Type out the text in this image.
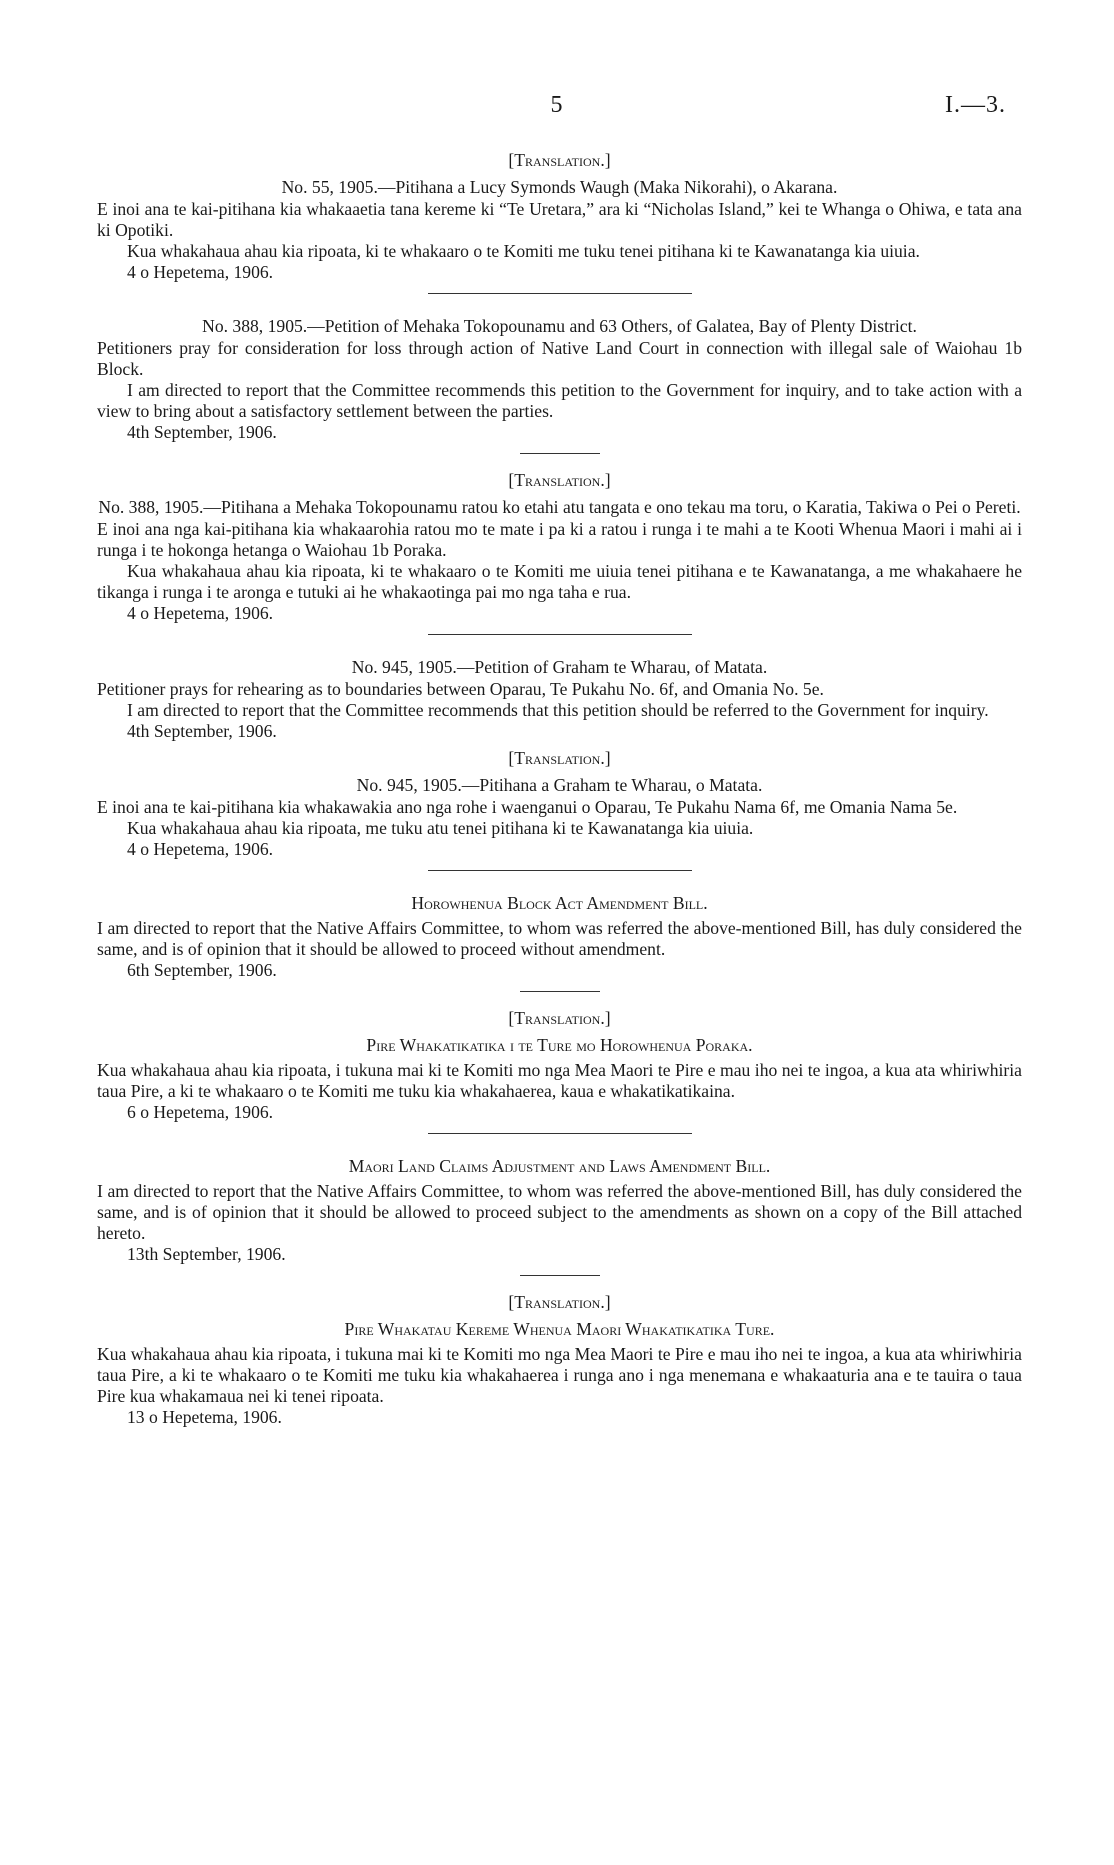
5	I.—3.
[Translation.]
No. 55, 1905.—Pitihana a Lucy Symonds Waugh (Maka Nikorahi), o Akarana.

E inoi ana te kai-pitihana kia whakaaetia tana kereme ki “Te Uretara,” ara ki “Nicholas Island,” kei te Whanga o Ohiwa, e tata ana ki Opotiki.

Kua whakahaua ahau kia ripoata, ki te whakaaro o te Komiti me tuku tenei pitihana ki te Kawanatanga kia uiuia.

4 o Hepetema, 1906.
No. 388, 1905.—Petition of Mehaka Tokopounamu and 63 Others, of Galatea, Bay of Plenty District.

Petitioners pray for consideration for loss through action of Native Land Court in connection with illegal sale of Waiohau 1b Block.

I am directed to report that the Committee recommends this petition to the Government for inquiry, and to take action with a view to bring about a satisfactory settlement between the parties.

4th September, 1906.
[Translation.]
No. 388, 1905.—Pitihana a Mehaka Tokopounamu ratou ko etahi atu tangata e ono tekau ma toru, o Karatia, Takiwa o Pei o Pereti.

E inoi ana nga kai-pitihana kia whakaarohia ratou mo te mate i pa ki a ratou i runga i te mahi a te Kooti Whenua Maori i mahi ai i runga i te hokonga hetanga o Waiohau 1b Poraka.

Kua whakahaua ahau kia ripoata, ki te whakaaro o te Komiti me uiuia tenei pitihana e te Kawanatanga, a me whakahaere he tikanga i runga i te aronga e tutuki ai he whakaotinga pai mo nga taha e rua.

4 o Hepetema, 1906.
No. 945, 1905.—Petition of Graham te Wharau, of Matata.

Petitioner prays for rehearing as to boundaries between Oparau, Te Pukahu No. 6f, and Omania No. 5e.

I am directed to report that the Committee recommends that this petition should be referred to the Government for inquiry.

4th September, 1906.
[Translation.]
No. 945, 1905.—Pitihana a Graham te Wharau, o Matata.

E inoi ana te kai-pitihana kia whakawakia ano nga rohe i waenganui o Oparau, Te Pukahu Nama 6f, me Omania Nama 5e.

Kua whakahaua ahau kia ripoata, me tuku atu tenei pitihana ki te Kawanatanga kia uiuia.

4 o Hepetema, 1906.
Horowhenua Block Act Amendment Bill.

I am directed to report that the Native Affairs Committee, to whom was referred the above-mentioned Bill, has duly considered the same, and is of opinion that it should be allowed to proceed without amendment.

6th September, 1906.
[Translation.]
Pire Whakatikatika i te Ture mo Horowhenua Poraka.

Kua whakahaua ahau kia ripoata, i tukuna mai ki te Komiti mo nga Mea Maori te Pire e mau iho nei te ingoa, a kua ata whiriwhiria taua Pire, a ki te whakaaro o te Komiti me tuku kia whakahaerea, kaua e whakatikatikaina.

6 o Hepetema, 1906.
Maori Land Claims Adjustment and Laws Amendment Bill.

I am directed to report that the Native Affairs Committee, to whom was referred the above-mentioned Bill, has duly considered the same, and is of opinion that it should be allowed to proceed subject to the amendments as shown on a copy of the Bill attached hereto.

13th September, 1906.
[Translation.]
Pire Whakatau Kereme Whenua Maori Whakatikatika Ture.

Kua whakahaua ahau kia ripoata, i tukuna mai ki te Komiti mo nga Mea Maori te Pire e mau iho nei te ingoa, a kua ata whiriwhiria taua Pire, a ki te whakaaro o te Komiti me tuku kia whakahaerea i runga ano i nga menemana e whakaaturia ana e te tauira o taua Pire kua whakamaua nei ki tenei ripoata.

13 o Hepetema, 1906.
